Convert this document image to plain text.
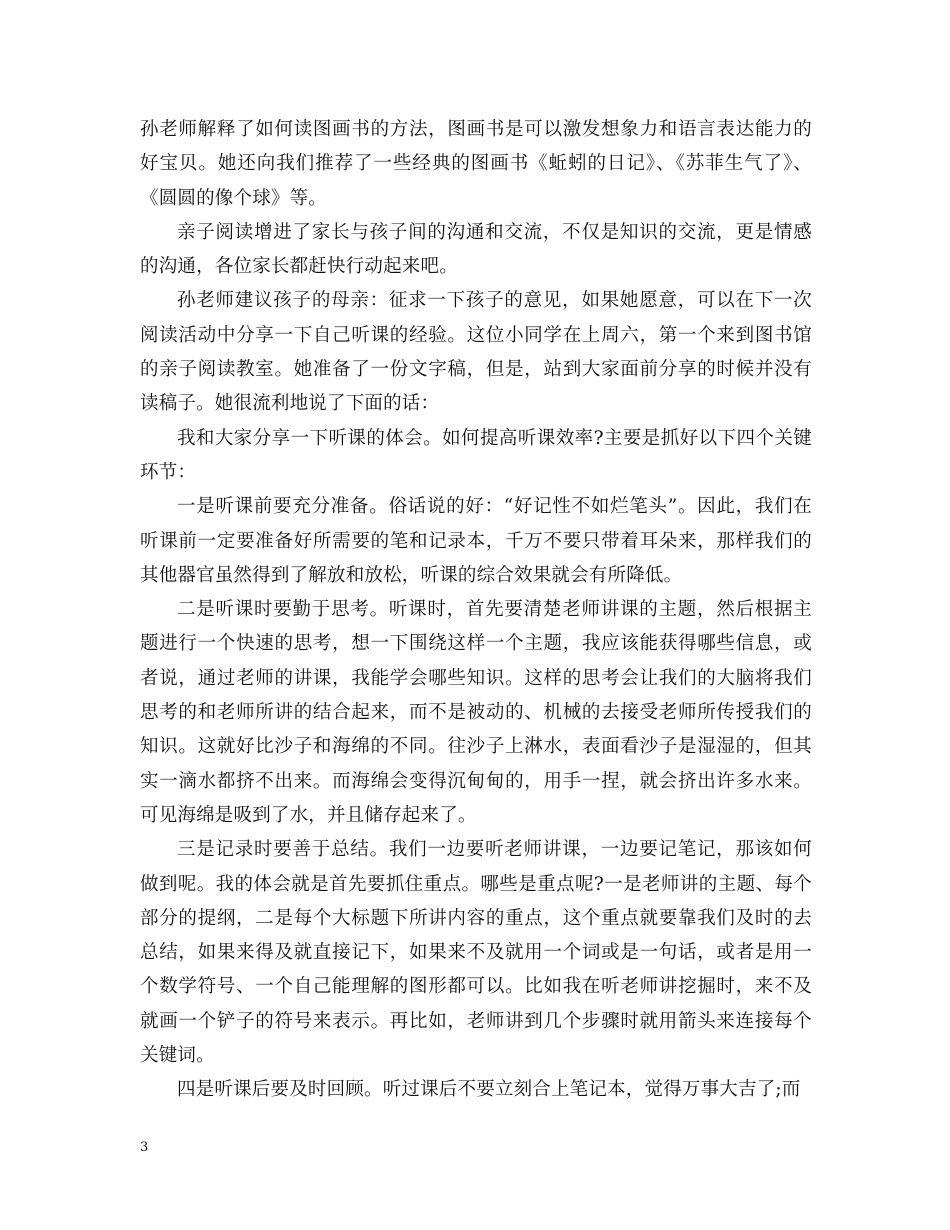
孙老师解释了如何读图画书的方法，图画书是可以激发想象力和语言表达能力的好宝贝。她还向我们推荐了一些经典的图画书《蚯蚓的日记》、《苏菲生气了》、《圆圆的像个球》等。

亲子阅读增进了家长与孩子间的沟通和交流，不仅是知识的交流，更是情感的沟通，各位家长都赶快行动起来吧。

孙老师建议孩子的母亲：征求一下孩子的意见，如果她愿意，可以在下一次阅读活动中分享一下自己听课的经验。这位小同学在上周六，第一个来到图书馆的亲子阅读教室。她准备了一份文字稿，但是，站到大家面前分享的时候并没有读稿子。她很流利地说了下面的话：

我和大家分享一下听课的体会。如何提高听课效率?主要是抓好以下四个关键环节：

一是听课前要充分准备。俗话说的好：“好记性不如烂笔头”。因此，我们在听课前一定要准备好所需要的笔和记录本，千万不要只带着耳朵来，那样我们的其他器官虽然得到了解放和放松，听课的综合效果就会有所降低。

二是听课时要勤于思考。听课时，首先要清楚老师讲课的主题，然后根据主题进行一个快速的思考，想一下围绕这样一个主题，我应该能获得哪些信息，或者说，通过老师的讲课，我能学会哪些知识。这样的思考会让我们的大脑将我们思考的和老师所讲的结合起来，而不是被动的、机械的去接受老师所传授我们的知识。这就好比沙子和海绵的不同。往沙子上淋水，表面看沙子是湿湿的，但其实一滴水都挤不出来。而海绵会变得沉甸甸的，用手一捏，就会挤出许多水来。可见海绵是吸到了水，并且储存起来了。

三是记录时要善于总结。我们一边要听老师讲课，一边要记笔记，那该如何做到呢。我的体会就是首先要抓住重点。哪些是重点呢?一是老师讲的主题、每个部分的提纲，二是每个大标题下所讲内容的重点，这个重点就要靠我们及时的去总结，如果来得及就直接记下，如果来不及就用一个词或是一句话，或者是用一个数学符号、一个自己能理解的图形都可以。比如我在听老师讲挖掘时，来不及就画一个铲子的符号来表示。再比如，老师讲到几个步骤时就用箭头来连接每个关键词。

四是听课后要及时回顾。听过课后不要立刻合上笔记本，觉得万事大吉了;而

3
